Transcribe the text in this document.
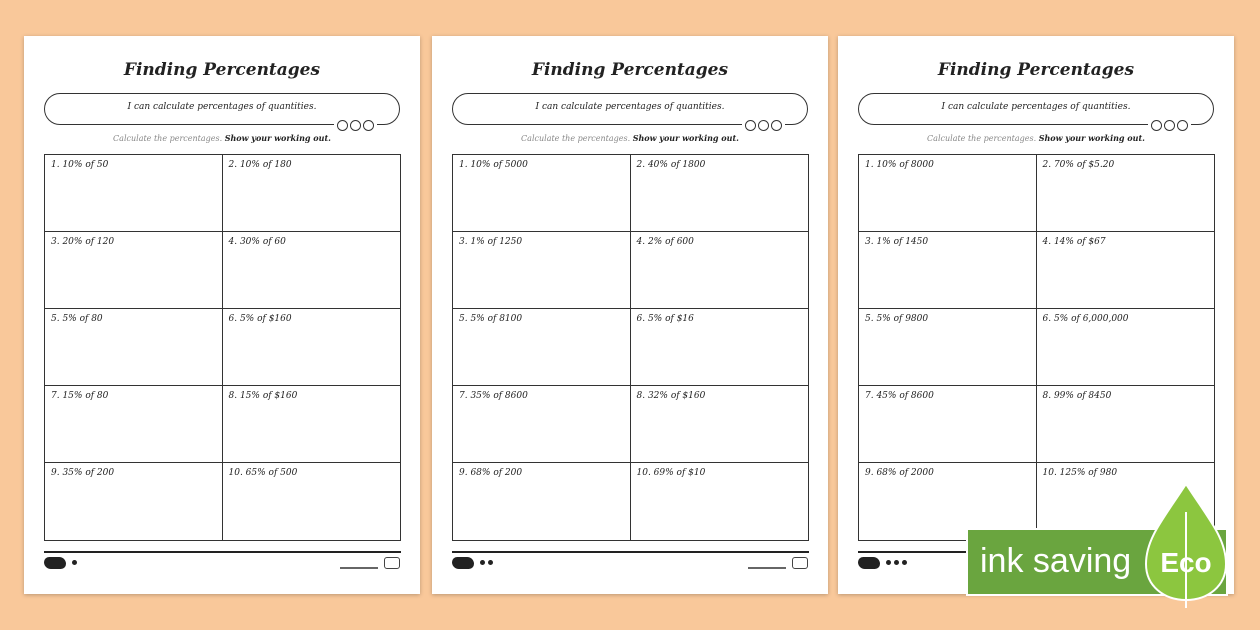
Finding Percentages
I can calculate percentages of quantities.
Calculate the percentages. Show your working out.
1. 10% of 50	2. 10% of 180
3. 20% of 120	4. 30% of 60
5. 5% of 80	6. 5% of $160
7. 15% of 80	8. 15% of $160
9. 35% of 200	10. 65% of 500
Finding Percentages
I can calculate percentages of quantities.
Calculate the percentages. Show your working out.
1. 10% of 5000	2. 40% of 1800
3. 1% of 1250	4. 2% of 600
5. 5% of 8100	6. 5% of $16
7. 35% of 8600	8. 32% of $160
9. 68% of 200	10. 69% of $10
Finding Percentages
I can calculate percentages of quantities.
Calculate the percentages. Show your working out.
1. 10% of 8000	2. 70% of $5.20
3. 1% of 1450	4. 14% of $67
5. 5% of 9800	6. 5% of 6,000,000
7. 45% of 8600	8. 99% of 8450
9. 68% of 2000	10. 125% of 980
ink saving Eco
